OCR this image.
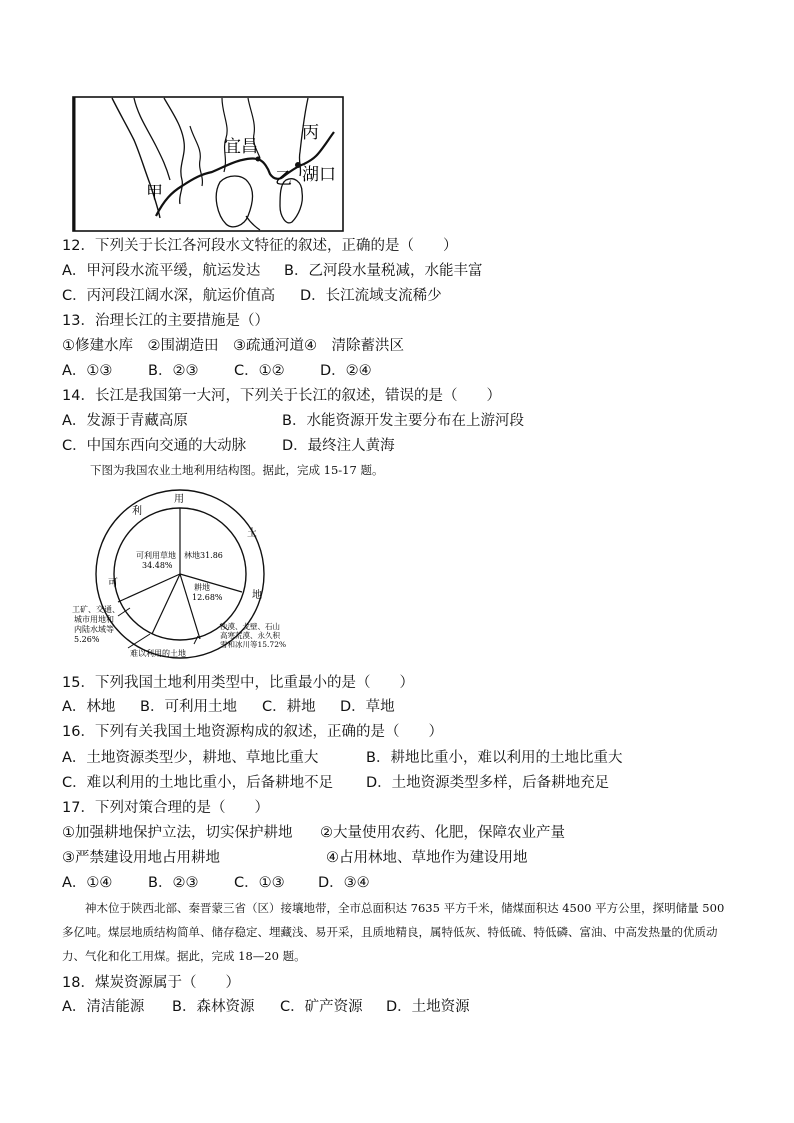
宜昌
丙
乙 湖口
甲
12．下列关于长江各河段水文特征的叙述，正确的是（　　）
A．甲河段水流平缓，航运发达 B．乙河段水量税减，水能丰富
C．丙河段江阔水深，航运价值高 D．长江流域支流稀少
13．治理长江的主要措施是（）
①修建水库　②围湖造田　③疏通河道④　清除蓄洪区
A．①③ B．②③ C．①② D．②④
14．长江是我国第一大河，下列关于长江的叙述，错误的是（　　）
A．发源于青藏高原	B．水能资源开发主要分布在上游河段
C．中国东西向交通的大动脉 D．最终注人黄海
下图为我国农业土地利用结构图。据此，完成 15-17 题。
用
土
地
可
利
可利用草地
34.48%
林地31.86
耕地
12.68%
难以利用的土地
工矿、交通、
城市用地和
内陆水域等
5.26%
沙漠、戈壁、石山
高寒荒漠、永久积
雪和冰川等15.72%
15．下列我国土地利用类型中，比重最小的是（　　）
A．林地 B．可利用土地 C．耕地 D．草地
16．下列有关我国土地资源构成的叙述，正确的是（　　）
A．土地资源类型少，耕地、草地比重大	B．耕地比重小，难以利用的土地比重大
C．难以利用的土地比重小，后备耕地不足 D．土地资源类型多样，后备耕地充足
17．下列对策合理的是（　　）
①加强耕地保护立法，切实保护耕地 ②大量使用农药、化肥，保障农业产量
③严禁建设用地占用耕地	④占用林地、草地作为建设用地
A．①④ B．②③ C．①③ D．③④
神木位于陕西北部、秦晋蒙三省（区）接壤地带，全市总面积达 7635 平方千米，储煤面积达 4500 平方公里，探明储量 500 多亿吨。煤层地质结构简单、储存稳定、埋藏浅、易开采，且质地精良，属特低灰、特低硫、特低磷、富油、中高发热量的优质动力、气化和化工用煤。据此，完成 18—20 题。
18．煤炭资源属于（　　）
A．清洁能源 B．森林资源 C．矿产资源 D．土地资源
